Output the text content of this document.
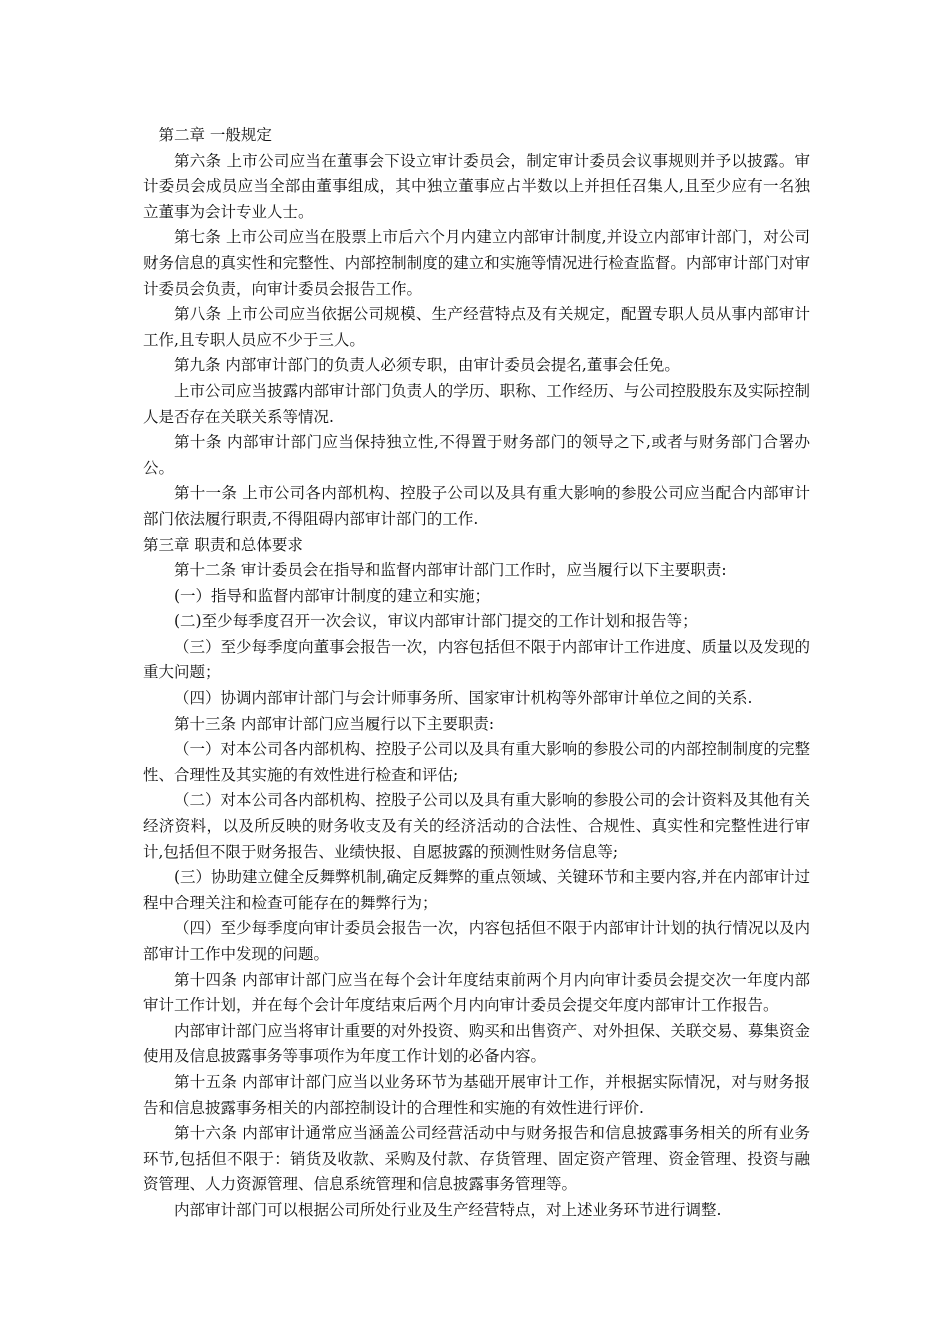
第二章 一般规定

第六条 上市公司应当在董事会下设立审计委员会，制定审计委员会议事规则并予以披露。审计委员会成员应当全部由董事组成，其中独立董事应占半数以上并担任召集人,且至少应有一名独立董事为会计专业人士。

第七条 上市公司应当在股票上市后六个月内建立内部审计制度,并设立内部审计部门，对公司财务信息的真实性和完整性、内部控制制度的建立和实施等情况进行检查监督。内部审计部门对审计委员会负责，向审计委员会报告工作。

第八条 上市公司应当依据公司规模、生产经营特点及有关规定，配置专职人员从事内部审计工作,且专职人员应不少于三人。

第九条 内部审计部门的负责人必须专职，由审计委员会提名,董事会任免。

上市公司应当披露内部审计部门负责人的学历、职称、工作经历、与公司控股股东及实际控制人是否存在关联关系等情况.

第十条 内部审计部门应当保持独立性,不得置于财务部门的领导之下,或者与财务部门合署办公。

第十一条 上市公司各内部机构、控股子公司以及具有重大影响的参股公司应当配合内部审计部门依法履行职责,不得阻碍内部审计部门的工作.

第三章 职责和总体要求

第十二条 审计委员会在指导和监督内部审计部门工作时，应当履行以下主要职责:

(一）指导和监督内部审计制度的建立和实施；

(二)至少每季度召开一次会议，审议内部审计部门提交的工作计划和报告等；

（三）至少每季度向董事会报告一次，内容包括但不限于内部审计工作进度、质量以及发现的重大问题；

（四）协调内部审计部门与会计师事务所、国家审计机构等外部审计单位之间的关系.

第十三条 内部审计部门应当履行以下主要职责:

（一）对本公司各内部机构、控股子公司以及具有重大影响的参股公司的内部控制制度的完整性、合理性及其实施的有效性进行检查和评估;

（二）对本公司各内部机构、控股子公司以及具有重大影响的参股公司的会计资料及其他有关经济资料，以及所反映的财务收支及有关的经济活动的合法性、合规性、真实性和完整性进行审计,包括但不限于财务报告、业绩快报、自愿披露的预测性财务信息等;

(三）协助建立健全反舞弊机制,确定反舞弊的重点领域、关键环节和主要内容,并在内部审计过程中合理关注和检查可能存在的舞弊行为；

（四）至少每季度向审计委员会报告一次，内容包括但不限于内部审计计划的执行情况以及内部审计工作中发现的问题。

第十四条 内部审计部门应当在每个会计年度结束前两个月内向审计委员会提交次一年度内部审计工作计划，并在每个会计年度结束后两个月内向审计委员会提交年度内部审计工作报告。

内部审计部门应当将审计重要的对外投资、购买和出售资产、对外担保、关联交易、募集资金使用及信息披露事务等事项作为年度工作计划的必备内容。

第十五条 内部审计部门应当以业务环节为基础开展审计工作，并根据实际情况，对与财务报告和信息披露事务相关的内部控制设计的合理性和实施的有效性进行评价.

第十六条 内部审计通常应当涵盖公司经营活动中与财务报告和信息披露事务相关的所有业务环节,包括但不限于：销货及收款、采购及付款、存货管理、固定资产管理、资金管理、投资与融资管理、人力资源管理、信息系统管理和信息披露事务管理等。

内部审计部门可以根据公司所处行业及生产经营特点，对上述业务环节进行调整.
